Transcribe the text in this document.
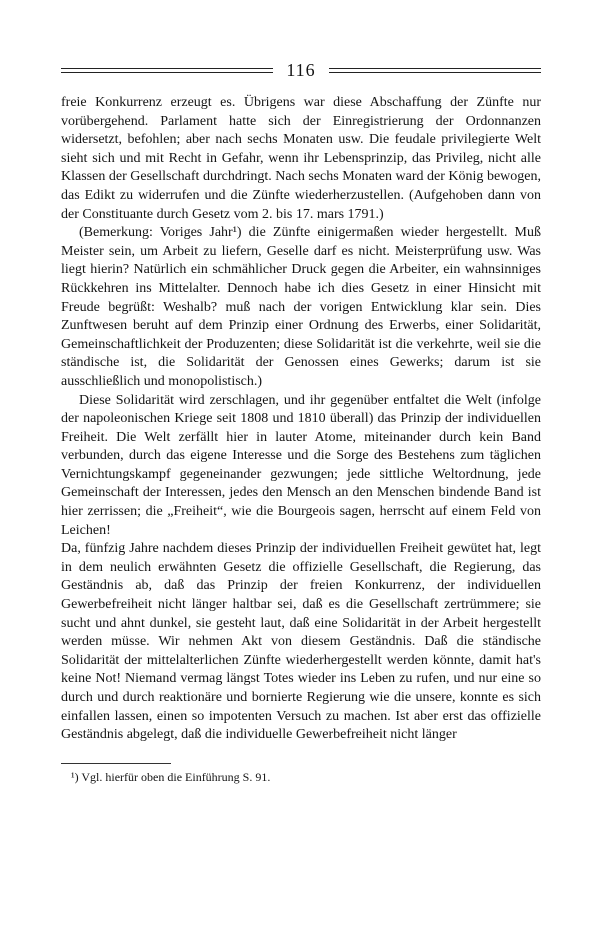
116

freie Konkurrenz erzeugt es. Übrigens war diese Abschaffung der Zünfte nur vorübergehend. Parlament hatte sich der Einregistrierung der Ordonnanzen widersetzt, befohlen; aber nach sechs Monaten usw. Die feudale privilegierte Welt sieht sich und mit Recht in Gefahr, wenn ihr Lebensprinzip, das Privileg, nicht alle Klassen der Gesellschaft durchdringt. Nach sechs Monaten ward der König bewogen, das Edikt zu widerrufen und die Zünfte wiederherzustellen. (Aufgehoben dann von der Constituante durch Gesetz vom 2. bis 17. mars 1791.)

(Bemerkung: Voriges Jahr¹) die Zünfte einigermaßen wieder hergestellt. Muß Meister sein, um Arbeit zu liefern, Geselle darf es nicht. Meisterprüfung usw. Was liegt hierin? Natürlich ein schmählicher Druck gegen die Arbeiter, ein wahnsinniges Rückkehren ins Mittelalter. Dennoch habe ich dies Gesetz in einer Hinsicht mit Freude begrüßt: Weshalb? muß nach der vorigen Entwicklung klar sein. Dies Zunftwesen beruht auf dem Prinzip einer Ordnung des Erwerbs, einer Solidarität, Gemeinschaftlichkeit der Produzenten; diese Solidarität ist die verkehrte, weil sie die ständische ist, die Solidarität der Genossen eines Gewerks; darum ist sie ausschließlich und monopolistisch.)

Diese Solidarität wird zerschlagen, und ihr gegenüber entfaltet die Welt (infolge der napoleonischen Kriege seit 1808 und 1810 überall) das Prinzip der individuellen Freiheit. Die Welt zerfällt hier in lauter Atome, miteinander durch kein Band verbunden, durch das eigene Interesse und die Sorge des Bestehens zum täglichen Vernichtungskampf gegeneinander gezwungen; jede sittliche Weltordnung, jede Gemeinschaft der Interessen, jedes den Mensch an den Menschen bindende Band ist hier zerrissen; die „Freiheit“, wie die Bourgeois sagen, herrscht auf einem Feld von Leichen!

Da, fünfzig Jahre nachdem dieses Prinzip der individuellen Freiheit gewütet hat, legt in dem neulich erwähnten Gesetz die offizielle Gesellschaft, die Regierung, das Geständnis ab, daß das Prinzip der freien Konkurrenz, der individuellen Gewerbefreiheit nicht länger haltbar sei, daß es die Gesellschaft zertrümmere; sie sucht und ahnt dunkel, sie gesteht laut, daß eine Solidarität in der Arbeit hergestellt werden müsse. Wir nehmen Akt von diesem Geständnis. Daß die ständische Solidarität der mittelalterlichen Zünfte wiederhergestellt werden könnte, damit hat's keine Not! Niemand vermag längst Totes wieder ins Leben zu rufen, und nur eine so durch und durch reaktionäre und bornierte Regierung wie die unsere, konnte es sich einfallen lassen, einen so impotenten Versuch zu machen. Ist aber erst das offizielle Geständnis abgelegt, daß die individuelle Gewerbefreiheit nicht länger

¹) Vgl. hierfür oben die Einführung S. 91.
